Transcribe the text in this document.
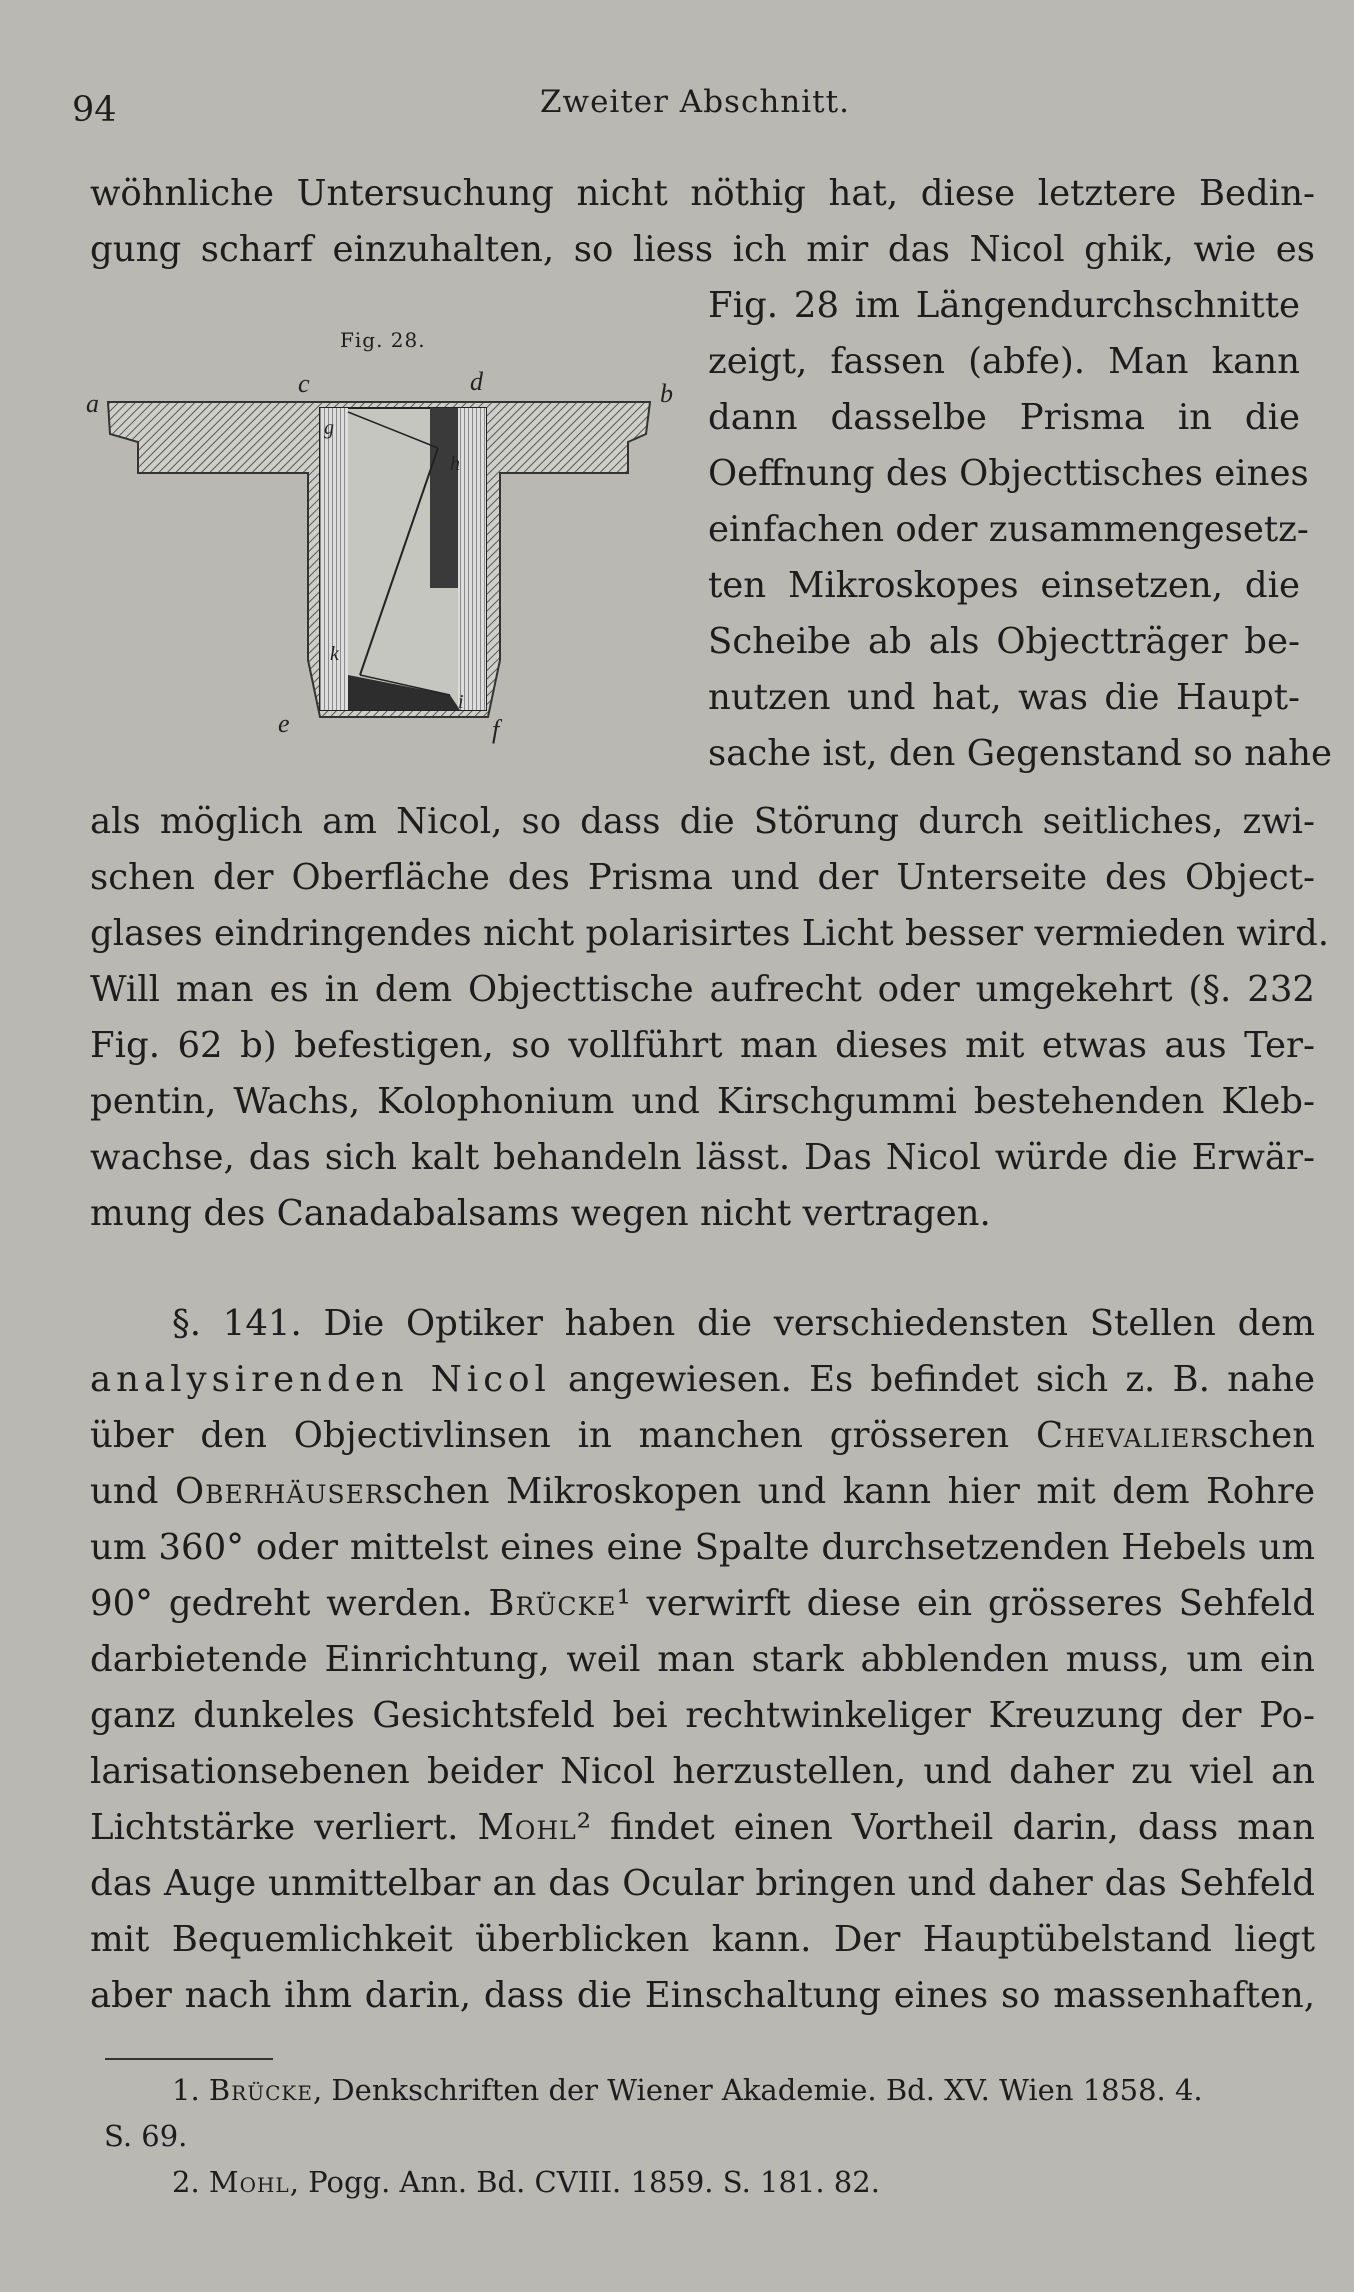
94	Zweiter Abschnitt.
wöhnliche Untersuchung nicht nöthig hat, diese letztere Bedin-
gung scharf einzuhalten, so liess ich mir das Nicol ghik, wie es
Fig. 28 im Längendurchschnitte
zeigt, fassen (abfe). Man kann
dann dasselbe Prisma in die
Oeffnung des Objecttisches eines
einfachen oder zusammengesetz-
ten Mikroskopes einsetzen, die
Scheibe ab als Objectträger be-
nutzen und hat, was die Haupt-
sache ist, den Gegenstand so nahe
Fig. 28.
a	b
c	d
e	f
g
h
i
k
als möglich am Nicol, so dass die Störung durch seitliches, zwi-
schen der Oberfläche des Prisma und der Unterseite des Object-
glases eindringendes nicht polarisirtes Licht besser vermieden wird.
Will man es in dem Objecttische aufrecht oder umgekehrt (§. 232
Fig. 62 b) befestigen, so vollführt man dieses mit etwas aus Ter-
pentin, Wachs, Kolophonium und Kirschgummi bestehenden Kleb-
wachse, das sich kalt behandeln lässt. Das Nicol würde die Erwär-
mung des Canadabalsams wegen nicht vertragen.
§. 141. Die Optiker haben die verschiedensten Stellen dem
analysirenden Nicol angewiesen. Es befindet sich z. B. nahe
über den Objectivlinsen in manchen grösseren Chevalierschen
und Oberhäuserschen Mikroskopen und kann hier mit dem Rohre
um 360° oder mittelst eines eine Spalte durchsetzenden Hebels um
90° gedreht werden. Brücke¹ verwirft diese ein grösseres Sehfeld
darbietende Einrichtung, weil man stark abblenden muss, um ein
ganz dunkeles Gesichtsfeld bei rechtwinkeliger Kreuzung der Po-
larisationsebenen beider Nicol herzustellen, und daher zu viel an
Lichtstärke verliert. Mohl² findet einen Vortheil darin, dass man
das Auge unmittelbar an das Ocular bringen und daher das Sehfeld
mit Bequemlichkeit überblicken kann. Der Hauptübelstand liegt
aber nach ihm darin, dass die Einschaltung eines so massenhaften,
1. Brücke, Denkschriften der Wiener Akademie. Bd. XV. Wien 1858. 4.
S. 69.
2. Mohl, Pogg. Ann. Bd. CVIII. 1859. S. 181. 82.
